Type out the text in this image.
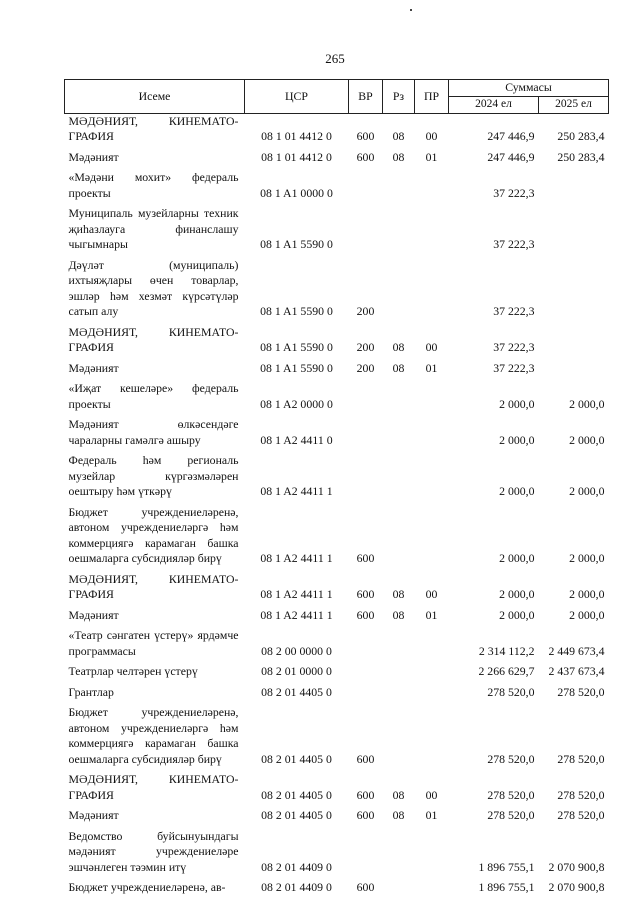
265
Исеме	ЦСР	ВР	Рз	ПР	Суммасы	
					2024 ел	2025 ел
МӘДӘНИЯТ, КИНЕМАТО-ГРАФИЯ	08 1 01 4412 0	600	08	00	247 446,9	250 283,4

Мәдәният	08 1 01 4412 0	600	08	01	247 446,9	250 283,4

«Мәдәни мохит» федераль проекты	08 1 A1 0000 0				37 222,3	

Муниципаль музейларны техник җиһазлауга финанслашу чыгымнары	08 1 A1 5590 0				37 222,3	

Дәүләт (муниципаль) ихтыяҗлары өчен товарлар, эшләр һәм хезмәт күрсәтүләр сатып алу	08 1 A1 5590 0	200			37 222,3	

МӘДӘНИЯТ, КИНЕМАТО-ГРАФИЯ	08 1 A1 5590 0	200	08	00	37 222,3	

Мәдәният	08 1 A1 5590 0	200	08	01	37 222,3	

«Иҗат кешеләре» федераль проекты	08 1 A2 0000 0				2 000,0	2 000,0

Мәдәният өлкәсендәге чараларны гамәлгә ашыру	08 1 A2 4411 0				2 000,0	2 000,0

Федераль һәм региональ музейлар күргәзмәләрен оештыру һәм үткәрү	08 1 A2 4411 1				2 000,0	2 000,0

Бюджет учреждениеләренә, автоном учреждениеләргә һәм коммерциягә карамаган башка оешмаларга субсидияләр бирү	08 1 A2 4411 1	600			2 000,0	2 000,0

МӘДӘНИЯТ, КИНЕМАТО-ГРАФИЯ	08 1 A2 4411 1	600	08	00	2 000,0	2 000,0

Мәдәният	08 1 A2 4411 1	600	08	01	2 000,0	2 000,0

«Театр сәнгатен үстерү» ярдәмче программасы	08 2 00 0000 0				2 314 112,2	2 449 673,4

Театрлар челтәрен үстерү	08 2 01 0000 0				2 266 629,7	2 437 673,4

Грантлар	08 2 01 4405 0				278 520,0	278 520,0

Бюджет учреждениеләренә, автоном учреждениеләргә һәм коммерциягә карамаган башка оешмаларга субсидияләр бирү	08 2 01 4405 0	600			278 520,0	278 520,0

МӘДӘНИЯТ, КИНЕМАТО-ГРАФИЯ	08 2 01 4405 0	600	08	00	278 520,0	278 520,0

Мәдәният	08 2 01 4405 0	600	08	01	278 520,0	278 520,0

Ведомство буйсынуындагы мәдәният учреждениеләре эшчәнлеген тәэмин итү	08 2 01 4409 0				1 896 755,1	2 070 900,8

Бюджет учреждениеләренә, ав-	08 2 01 4409 0	600			1 896 755,1	2 070 900,8
